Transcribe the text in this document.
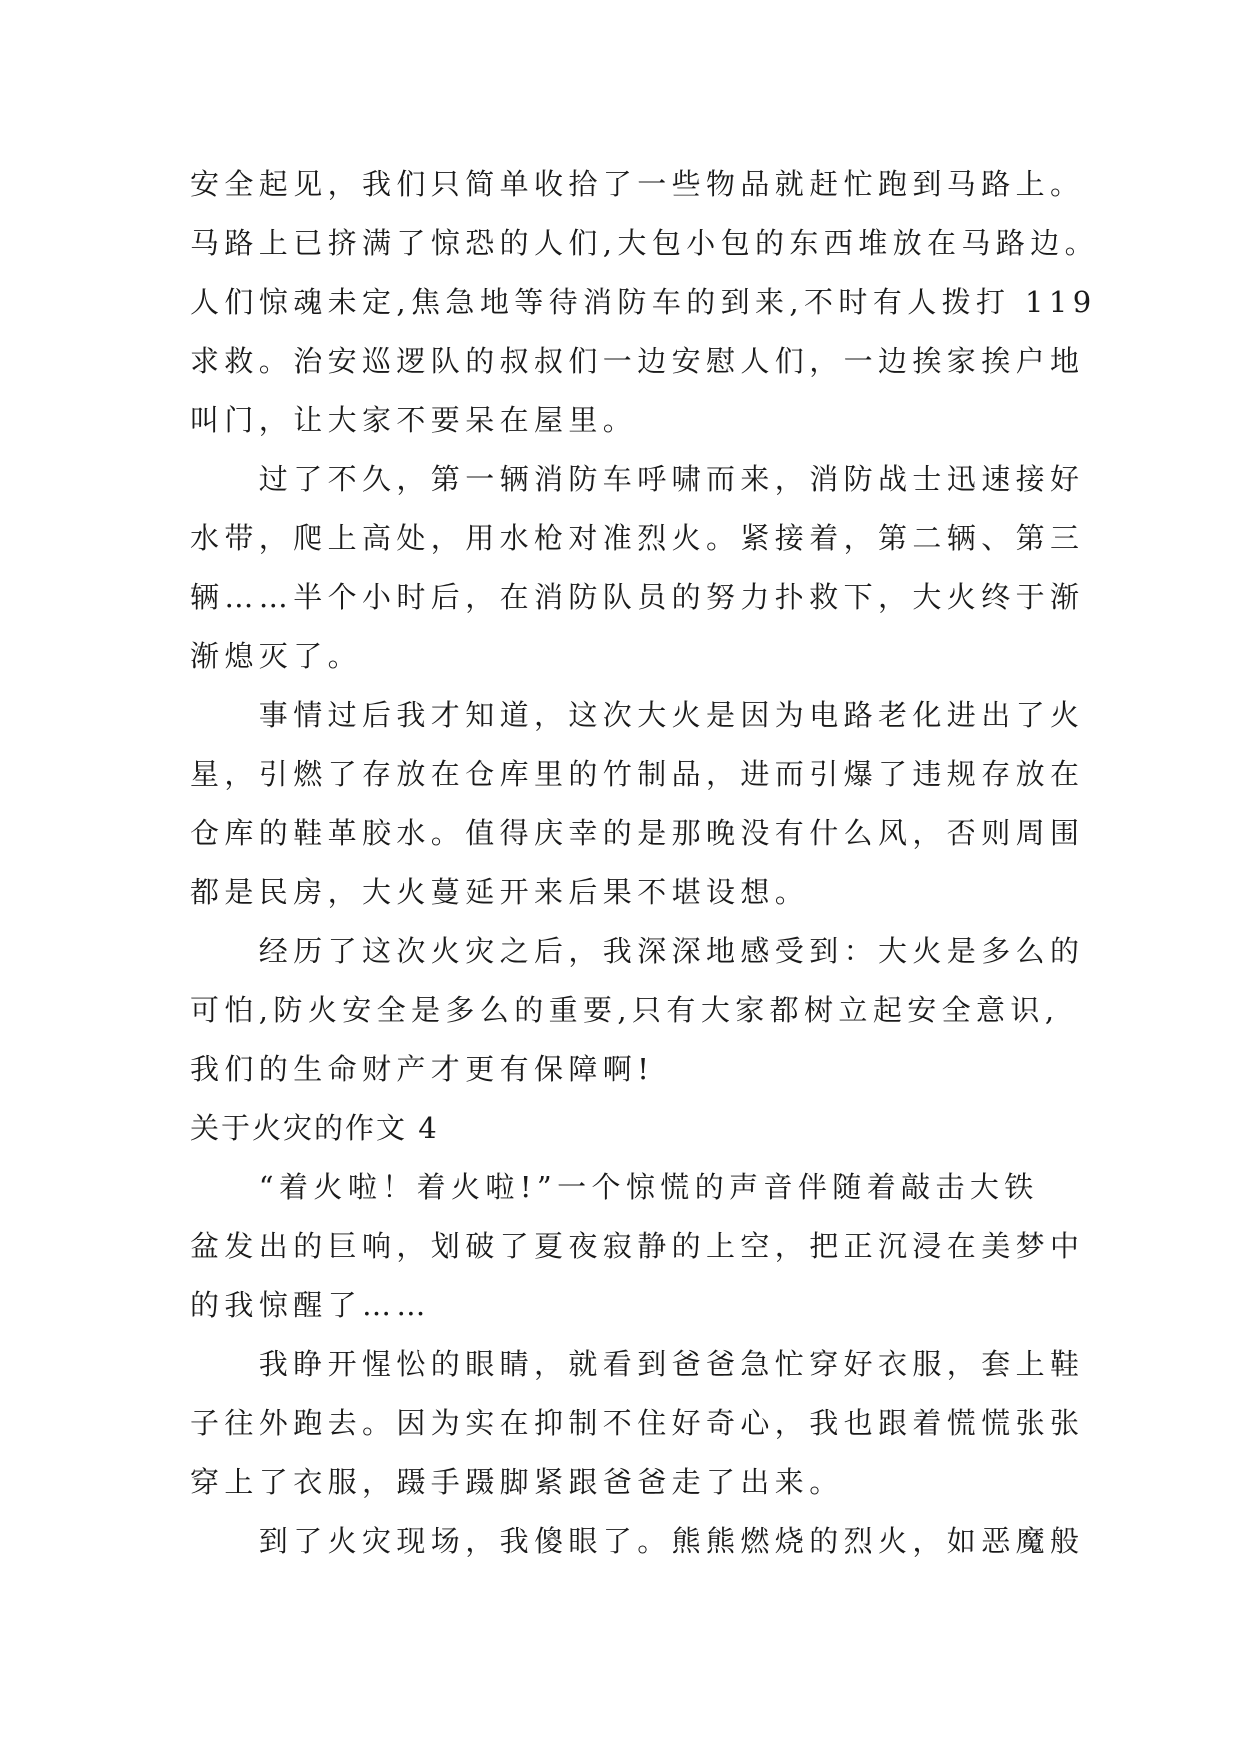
安全起见，我们只简单收拾了一些物品就赶忙跑到马路上。
马路上已挤满了惊恐的人们,大包小包的东西堆放在马路边。
人们惊魂未定,焦急地等待消防车的到来,不时有人拨打 119
求救。治安巡逻队的叔叔们一边安慰人们，一边挨家挨户地
叫门，让大家不要呆在屋里。
　　过了不久，第一辆消防车呼啸而来，消防战士迅速接好
水带，爬上高处，用水枪对准烈火。紧接着，第二辆、第三
辆……半个小时后，在消防队员的努力扑救下，大火终于渐
渐熄灭了。
　　事情过后我才知道，这次大火是因为电路老化进出了火
星，引燃了存放在仓库里的竹制品，进而引爆了违规存放在
仓库的鞋革胶水。值得庆幸的是那晚没有什么风，否则周围
都是民房，大火蔓延开来后果不堪设想。
　　经历了这次火灾之后，我深深地感受到：大火是多么的
可怕,防火安全是多么的重要,只有大家都树立起安全意识,
我们的生命财产才更有保障啊!
关于火灾的作文 4
　　“着火啦！着火啦!”一个惊慌的声音伴随着敲击大铁
盆发出的巨响，划破了夏夜寂静的上空，把正沉浸在美梦中
的我惊醒了……
　　我睁开惺忪的眼睛，就看到爸爸急忙穿好衣服，套上鞋
子往外跑去。因为实在抑制不住好奇心，我也跟着慌慌张张
穿上了衣服，蹑手蹑脚紧跟爸爸走了出来。
　　到了火灾现场，我傻眼了。熊熊燃烧的烈火，如恶魔般
